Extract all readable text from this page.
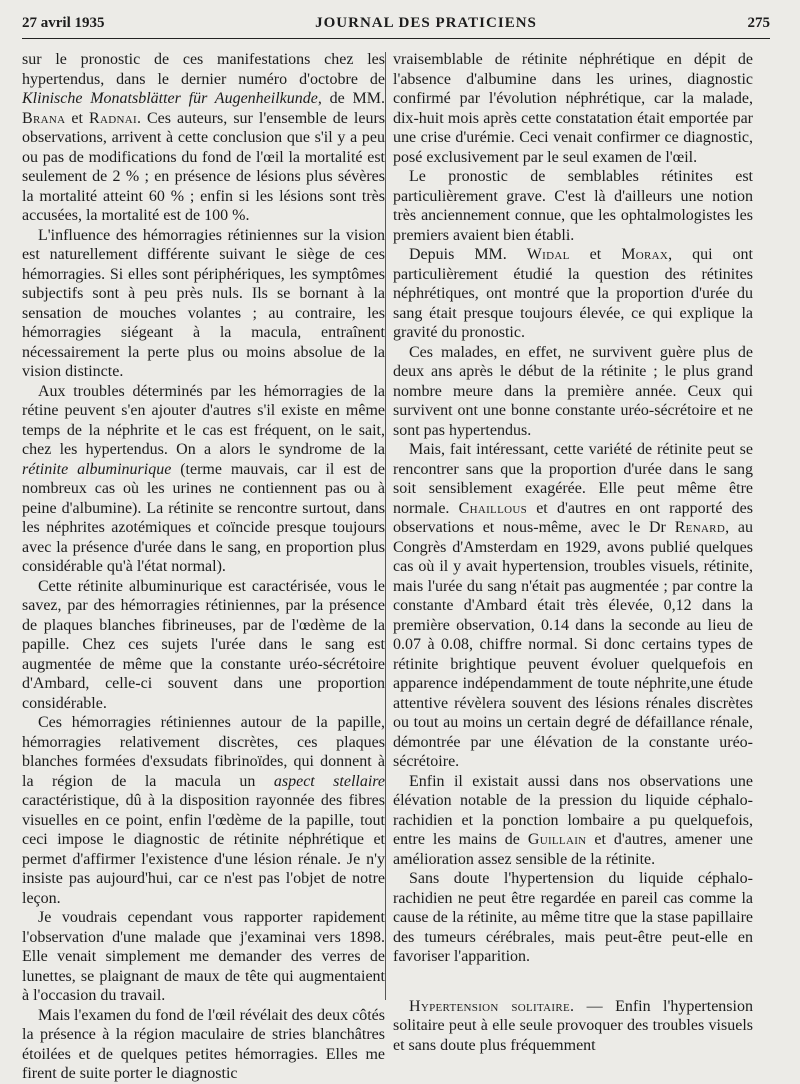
27 avril 1935	JOURNAL DES PRATICIENS	275

sur le pronostic de ces manifestations chez les hypertendus, dans le dernier numéro d'octobre de Klinische Monatsblätter für Augenheilkunde, de MM. Brana et Radnai. Ces auteurs, sur l'ensemble de leurs observations, arrivent à cette conclusion que s'il y a peu ou pas de modifications du fond de l'œil la mortalité est seulement de 2 % ; en présence de lésions plus sévères la mortalité atteint 60 % ; enfin si les lésions sont très accusées, la mortalité est de 100 %.

L'influence des hémorragies rétiniennes sur la vision est naturellement différente suivant le siège de ces hémorragies. Si elles sont périphériques, les symptômes subjectifs sont à peu près nuls. Ils se bornant à la sensation de mouches volantes ; au contraire, les hémorragies siégeant à la macula, entraînent nécessairement la perte plus ou moins absolue de la vision distincte.

Aux troubles déterminés par les hémorragies de la rétine peuvent s'en ajouter d'autres s'il existe en même temps de la néphrite et le cas est fréquent, on le sait, chez les hypertendus. On a alors le syndrome de la rétinite albuminurique (terme mauvais, car il est de nombreux cas où les urines ne contiennent pas ou à peine d'albumine). La rétinite se rencontre surtout, dans les néphrites azotémiques et coïncide presque toujours avec la présence d'urée dans le sang, en proportion plus considérable qu'à l'état normal).

Cette rétinite albuminurique est caractérisée, vous le savez, par des hémorragies rétiniennes, par la présence de plaques blanches fibrineuses, par de l'œdème de la papille. Chez ces sujets l'urée dans le sang est augmentée de même que la constante uréo-sécrétoire d'Ambard, celle-ci souvent dans une proportion considérable.

Ces hémorragies rétiniennes autour de la papille, hémorragies relativement discrètes, ces plaques blanches formées d'exsudats fibrinoïdes, qui donnent à la région de la macula un aspect stellaire caractéristique, dû à la disposition rayonnée des fibres visuelles en ce point, enfin l'œdème de la papille, tout ceci impose le diagnostic de rétinite néphrétique et permet d'affirmer l'existence d'une lésion rénale. Je n'y insiste pas aujourd'hui, car ce n'est pas l'objet de notre leçon.

Je voudrais cependant vous rapporter rapidement l'observation d'une malade que j'examinai vers 1898. Elle venait simplement me demander des verres de lunettes, se plaignant de maux de tête qui augmentaient à l'occasion du travail.

Mais l'examen du fond de l'œil révélait des deux côtés la présence à la région maculaire de stries blanchâtres étoilées et de quelques petites hémorragies. Elles me firent de suite porter le diagnostic

vraisemblable de rétinite néphrétique en dépit de l'absence d'albumine dans les urines, diagnostic confirmé par l'évolution néphrétique, car la malade, dix-huit mois après cette constatation était emportée par une crise d'urémie. Ceci venait confirmer ce diagnostic, posé exclusivement par le seul examen de l'œil.

Le pronostic de semblables rétinites est particulièrement grave. C'est là d'ailleurs une notion très anciennement connue, que les ophtalmologistes les premiers avaient bien établi.

Depuis MM. Widal et Morax, qui ont particulièrement étudié la question des rétinites néphrétiques, ont montré que la proportion d'urée du sang était presque toujours élevée, ce qui explique la gravité du pronostic.

Ces malades, en effet, ne survivent guère plus de deux ans après le début de la rétinite ; le plus grand nombre meure dans la première année. Ceux qui survivent ont une bonne constante uréo-sécrétoire et ne sont pas hypertendus.

Mais, fait intéressant, cette variété de rétinite peut se rencontrer sans que la proportion d'urée dans le sang soit sensiblement exagérée. Elle peut même être normale. Chaillous et d'autres en ont rapporté des observations et nous-même, avec le Dr Renard, au Congrès d'Amsterdam en 1929, avons publié quelques cas où il y avait hypertension, troubles visuels, rétinite, mais l'urée du sang n'était pas augmentée ; par contre la constante d'Ambard était très élevée, 0,12 dans la première observation, 0.14 dans la seconde au lieu de 0.07 à 0.08, chiffre normal. Si donc certains types de rétinite brightique peuvent évoluer quelquefois en apparence indépendamment de toute néphrite,une étude attentive révèlera souvent des lésions rénales discrètes ou tout au moins un certain degré de défaillance rénale, démontrée par une élévation de la constante uréo-sécrétoire.

Enfin il existait aussi dans nos observations une élévation notable de la pression du liquide céphalo-rachidien et la ponction lombaire a pu quelquefois, entre les mains de Guillain et d'autres, amener une amélioration assez sensible de la rétinite.

Sans doute l'hypertension du liquide céphalo-rachidien ne peut être regardée en pareil cas comme la cause de la rétinite, au même titre que la stase papillaire des tumeurs cérébrales, mais peut-être peut-elle en favoriser l'apparition.

Hypertension solitaire. — Enfin l'hypertension solitaire peut à elle seule provoquer des troubles visuels et sans doute plus fréquemment
